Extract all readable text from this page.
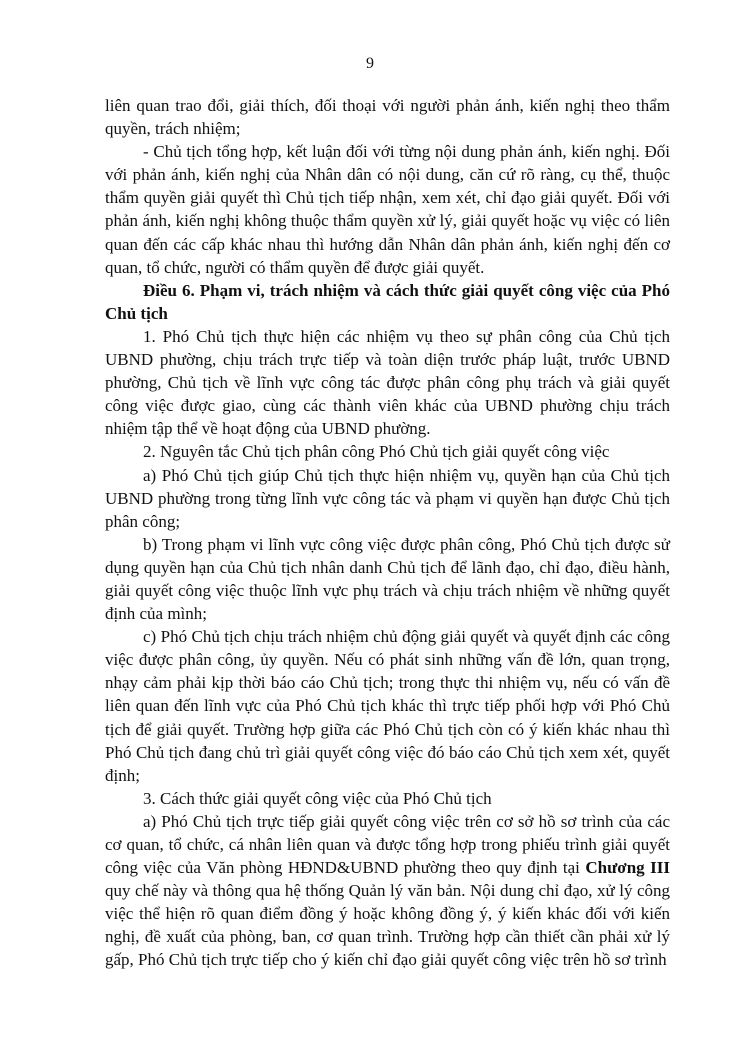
9

liên quan trao đổi, giải thích, đối thoại với người phản ánh, kiến nghị theo thẩm quyền, trách nhiệm;

- Chủ tịch tổng hợp, kết luận đối với từng nội dung phản ánh, kiến nghị. Đối với phản ánh, kiến nghị của Nhân dân có nội dung, căn cứ rõ ràng, cụ thể, thuộc thẩm quyền giải quyết thì Chủ tịch tiếp nhận, xem xét, chỉ đạo giải quyết. Đối với phản ánh, kiến nghị không thuộc thẩm quyền xử lý, giải quyết hoặc vụ việc có liên quan đến các cấp khác nhau thì hướng dẫn Nhân dân phản ánh, kiến nghị đến cơ quan, tổ chức, người có thẩm quyền để được giải quyết.

Điều 6. Phạm vi, trách nhiệm và cách thức giải quyết công việc của Phó Chủ tịch

1. Phó Chủ tịch thực hiện các nhiệm vụ theo sự phân công của Chủ tịch UBND phường, chịu trách trực tiếp và toàn diện trước pháp luật, trước UBND phường, Chủ tịch về lĩnh vực công tác được phân công phụ trách và giải quyết công việc được giao, cùng các thành viên khác của UBND phường chịu trách nhiệm tập thể về hoạt động của UBND phường.

2. Nguyên tắc Chủ tịch phân công Phó Chủ tịch giải quyết công việc

a) Phó Chủ tịch giúp Chủ tịch thực hiện nhiệm vụ, quyền hạn của Chủ tịch UBND phường trong từng lĩnh vực công tác và phạm vi quyền hạn được Chủ tịch phân công;

b) Trong phạm vi lĩnh vực công việc được phân công, Phó Chủ tịch được sử dụng quyền hạn của Chủ tịch nhân danh Chủ tịch để lãnh đạo, chỉ đạo, điều hành, giải quyết công việc thuộc lĩnh vực phụ trách và chịu trách nhiệm về những quyết định của mình;

c) Phó Chủ tịch chịu trách nhiệm chủ động giải quyết và quyết định các công việc được phân công, ủy quyền. Nếu có phát sinh những vấn đề lớn, quan trọng, nhạy cảm phải kịp thời báo cáo Chủ tịch; trong thực thi nhiệm vụ, nếu có vấn đề liên quan đến lĩnh vực của Phó Chủ tịch khác thì trực tiếp phối hợp với Phó Chủ tịch để giải quyết. Trường hợp giữa các Phó Chủ tịch còn có ý kiến khác nhau thì Phó Chủ tịch đang chủ trì giải quyết công việc đó báo cáo Chủ tịch xem xét, quyết định;

3. Cách thức giải quyết công việc của Phó Chủ tịch

a) Phó Chủ tịch trực tiếp giải quyết công việc trên cơ sở hồ sơ trình của các cơ quan, tổ chức, cá nhân liên quan và được tổng hợp trong phiếu trình giải quyết công việc của Văn phòng HĐND&UBND phường theo quy định tại Chương III quy chế này và thông qua hệ thống Quản lý văn bản. Nội dung chỉ đạo, xử lý công việc thể hiện rõ quan điểm đồng ý hoặc không đồng ý, ý kiến khác đối với kiến nghị, đề xuất của phòng, ban, cơ quan trình. Trường hợp cần thiết cần phải xử lý gấp, Phó Chủ tịch trực tiếp cho ý kiến chỉ đạo giải quyết công việc trên hồ sơ trình
